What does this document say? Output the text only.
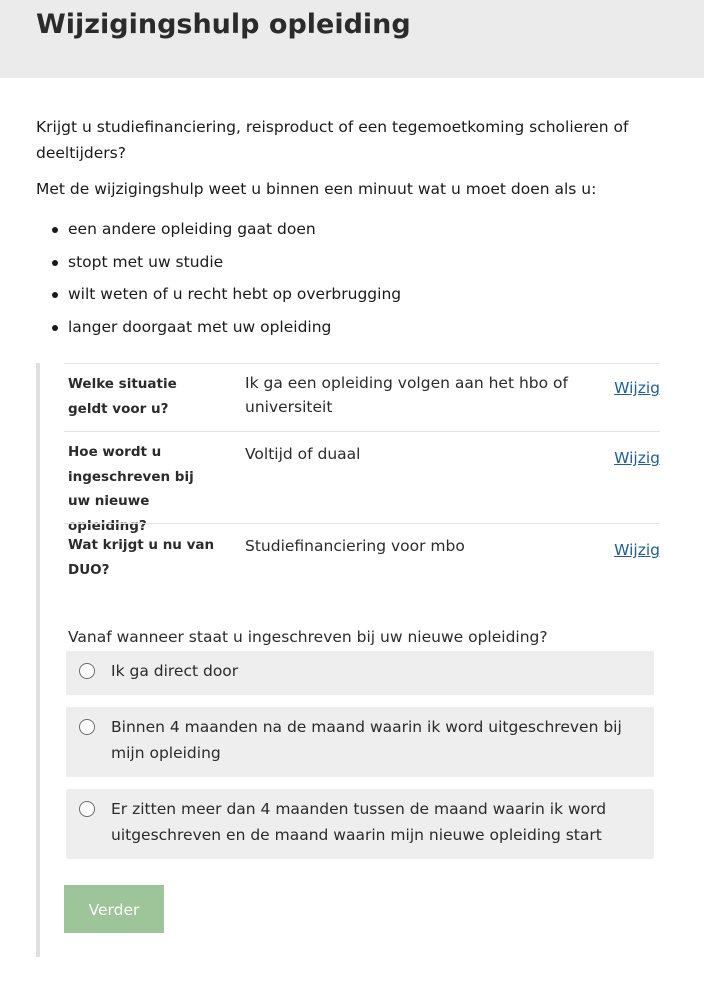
Wijzigingshulp opleiding

Krijgt u studiefinanciering, reisproduct of een tegemoetkoming scholieren of deeltijders?

Met de wijzigingshulp weet u binnen een minuut wat u moet doen als u:

een andere opleiding gaat doen
stopt met uw studie
wilt weten of u recht hebt op overbrugging
langer doorgaat met uw opleiding
Welke situatie geldt voor u?
Ik ga een opleiding volgen aan het hbo of universiteit
Wijzig
Hoe wordt u ingeschreven bij uw nieuwe opleiding?
Voltijd of duaal	Wijzig
Wat krijgt u nu van DUO?
Studiefinanciering voor mbo	Wijzig
Vanaf wanneer staat u ingeschreven bij uw nieuwe opleiding?
Ik ga direct door
Binnen 4 maanden na de maand waarin ik word uitgeschreven bij mijn opleiding
Er zitten meer dan 4 maanden tussen de maand waarin ik word uitgeschreven en de maand waarin mijn nieuwe opleiding start
Verder
